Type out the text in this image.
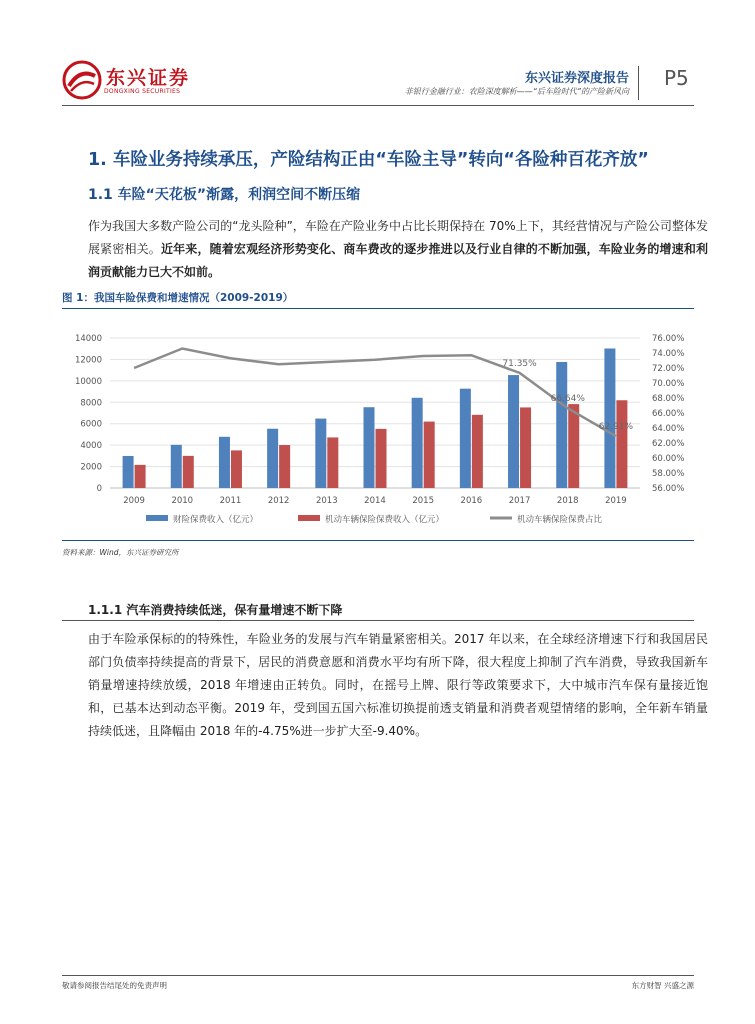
东兴证券
DONGXING SECURITIES
东兴证券深度报告
非银行金融行业：农险深度解析——“后车险时代”的产险新风向
P5
1. 车险业务持续承压，产险结构正由“车险主导”转向“各险种百花齐放”
1.1 车险“天花板”渐露，利润空间不断压缩
作为我国大多数产险公司的“龙头险种”，车险在产险业务中占比长期保持在 70%上下，其经营情况与产险公司整体发展紧密相关。近年来，随着宏观经济形势变化、商车费改的逐步推进以及行业自律的不断加强，车险业务的增速和利润贡献能力已大不如前。
图 1：我国车险保费和增速情况（2009-2019）
0
2000
4000
6000
8000
10000
12000
14000
56.00%
58.00%
60.00%
62.00%
64.00%
66.00%
68.00%
70.00%
72.00%
74.00%
76.00%
2009	2010	2011	2012	2013	2014	2015	2016	2017	2018	2019
71.35%
66.64%
62.91%
财险保费收入（亿元）	机动车辆保险保费收入（亿元）	机动车辆保险保费占比
资料来源：Wind，东兴证券研究所
1.1.1 汽车消费持续低迷，保有量增速不断下降
由于车险承保标的的特殊性，车险业务的发展与汽车销量紧密相关。2017 年以来，在全球经济增速下行和我国居民部门负债率持续提高的背景下，居民的消费意愿和消费水平均有所下降，很大程度上抑制了汽车消费，导致我国新车销量增速持续放缓，2018 年增速由正转负。同时，在摇号上牌、限行等政策要求下，大中城市汽车保有量接近饱和，已基本达到动态平衡。2019 年，受到国五国六标准切换提前透支销量和消费者观望情绪的影响，全年新车销量持续低迷，且降幅由 2018 年的-4.75%进一步扩大至-9.40%。
敬请参阅报告结尾处的免责声明	东方财智 兴盛之源
